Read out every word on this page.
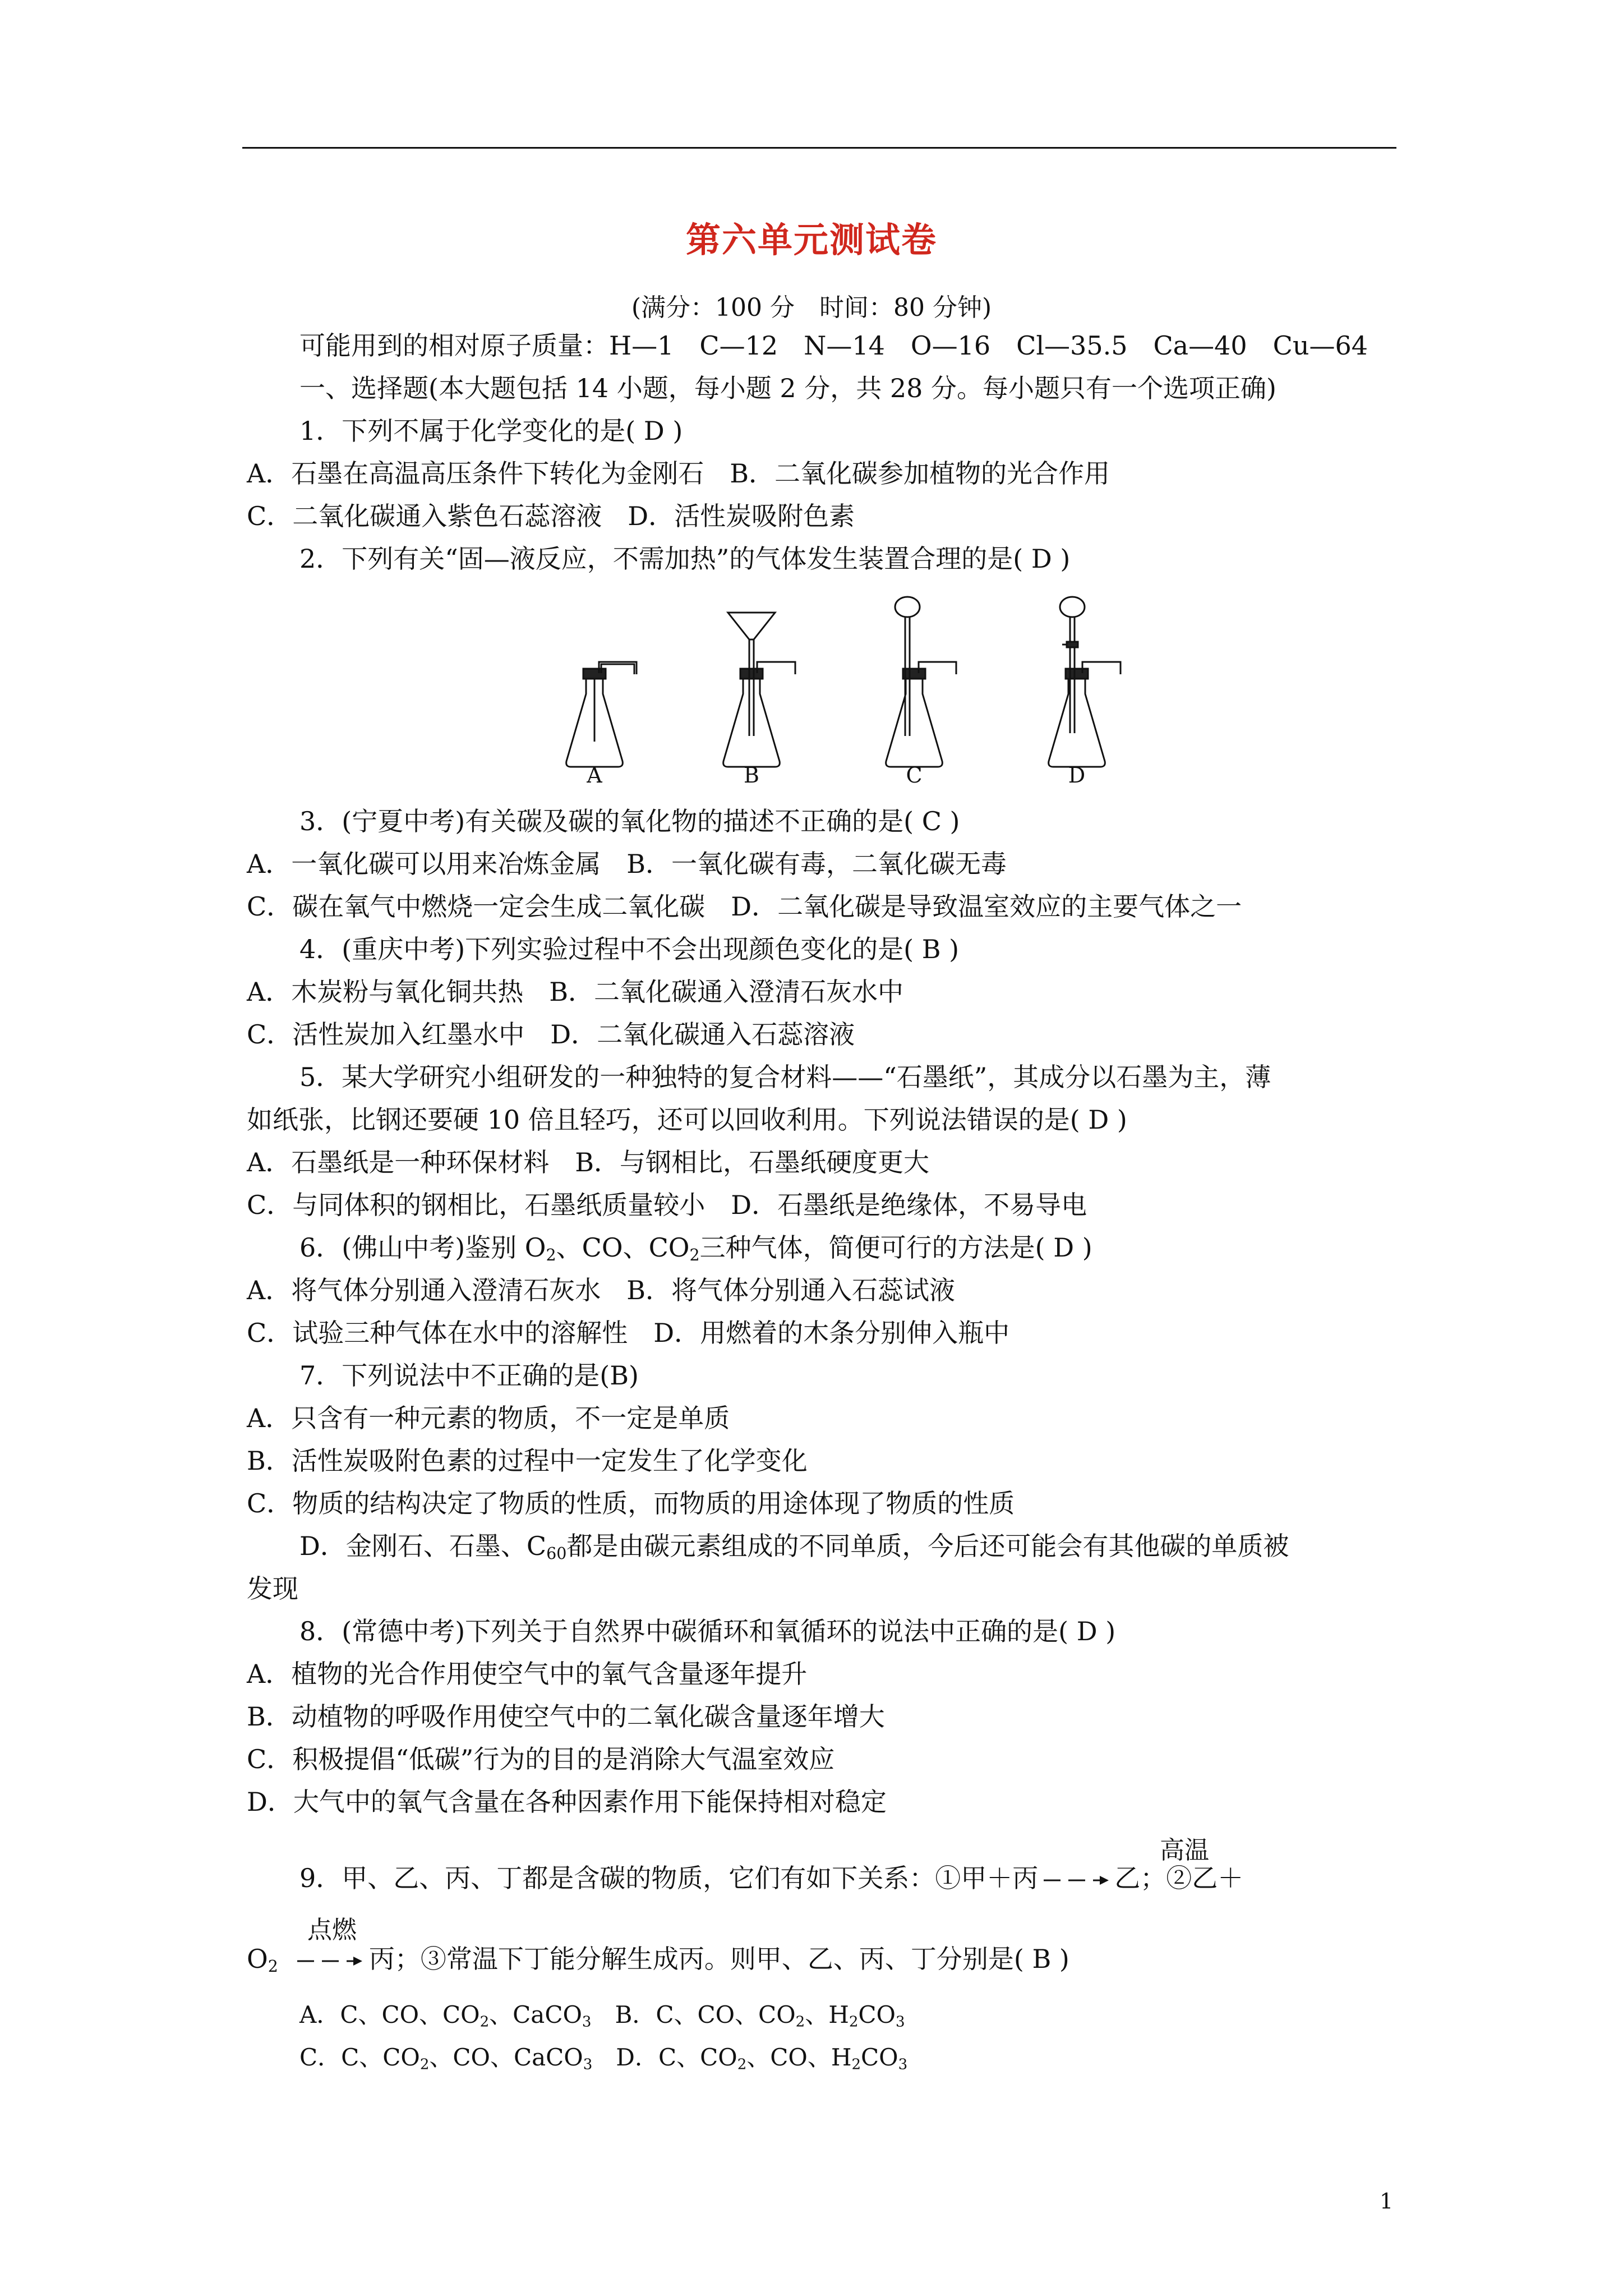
第六单元测试卷
(满分：100 分　时间：80 分钟)
可能用到的相对原子质量：H—1　C—12　N—14　O—16　Cl—35.5　Ca—40　Cu—64
一、选择题(本大题包括 14 小题，每小题 2 分，共 28 分。每小题只有一个选项正确)
1．下列不属于化学变化的是( D )
A．石墨在高温高压条件下转化为金刚石　B．二氧化碳参加植物的光合作用
C．二氧化碳通入紫色石蕊溶液　D．活性炭吸附色素
2．下列有关“固—液反应，不需加热”的气体发生装置合理的是( D )
A	B	C	D
3．(宁夏中考)有关碳及碳的氧化物的描述不正确的是( C )
A．一氧化碳可以用来冶炼金属　B．一氧化碳有毒，二氧化碳无毒
C．碳在氧气中燃烧一定会生成二氧化碳　D．二氧化碳是导致温室效应的主要气体之一
4．(重庆中考)下列实验过程中不会出现颜色变化的是( B )
A．木炭粉与氧化铜共热　B．二氧化碳通入澄清石灰水中
C．活性炭加入红墨水中　D．二氧化碳通入石蕊溶液
5．某大学研究小组研发的一种独特的复合材料——“石墨纸”，其成分以石墨为主，薄
如纸张，比钢还要硬 10 倍且轻巧，还可以回收利用。下列说法错误的是( D )
A．石墨纸是一种环保材料　B．与钢相比，石墨纸硬度更大
C．与同体积的钢相比，石墨纸质量较小　D．石墨纸是绝缘体，不易导电
6．(佛山中考)鉴别 $O_2$、CO、$CO_2$三种气体，简便可行的方法是( D )
A．将气体分别通入澄清石灰水　B．将气体分别通入石蕊试液
C．试验三种气体在水中的溶解性　D．用燃着的木条分别伸入瓶中
7．下列说法中不正确的是(B)
A．只含有一种元素的物质，不一定是单质
B．活性炭吸附色素的过程中一定发生了化学变化
C．物质的结构决定了物质的性质，而物质的用途体现了物质的性质
D．金刚石、石墨、$C_{60}$都是由碳元素组成的不同单质，今后还可能会有其他碳的单质被
发现
8．(常德中考)下列关于自然界中碳循环和氧循环的说法中正确的是( D )
A．植物的光合作用使空气中的氧气含量逐年提升
B．动植物的呼吸作用使空气中的二氧化碳含量逐年增大
C．积极提倡“低碳”行为的目的是消除大气温室效应
D．大气中的氧气含量在各种因素作用下能保持相对稳定
高温
9．甲、乙、丙、丁都是含碳的物质，它们有如下关系：①甲＋丙	乙；②乙＋
点燃
$O_2$	丙；③常温下丁能分解生成丙。则甲、乙、丙、丁分别是( B )
A．C、CO、$CO_2$、CaCO$_3$　B．C、CO、$CO_2$、$H_2CO_3$
C．C、$CO_2$、CO、CaCO$_3$　D．C、$CO_2$、CO、$H_2CO_3$
1
